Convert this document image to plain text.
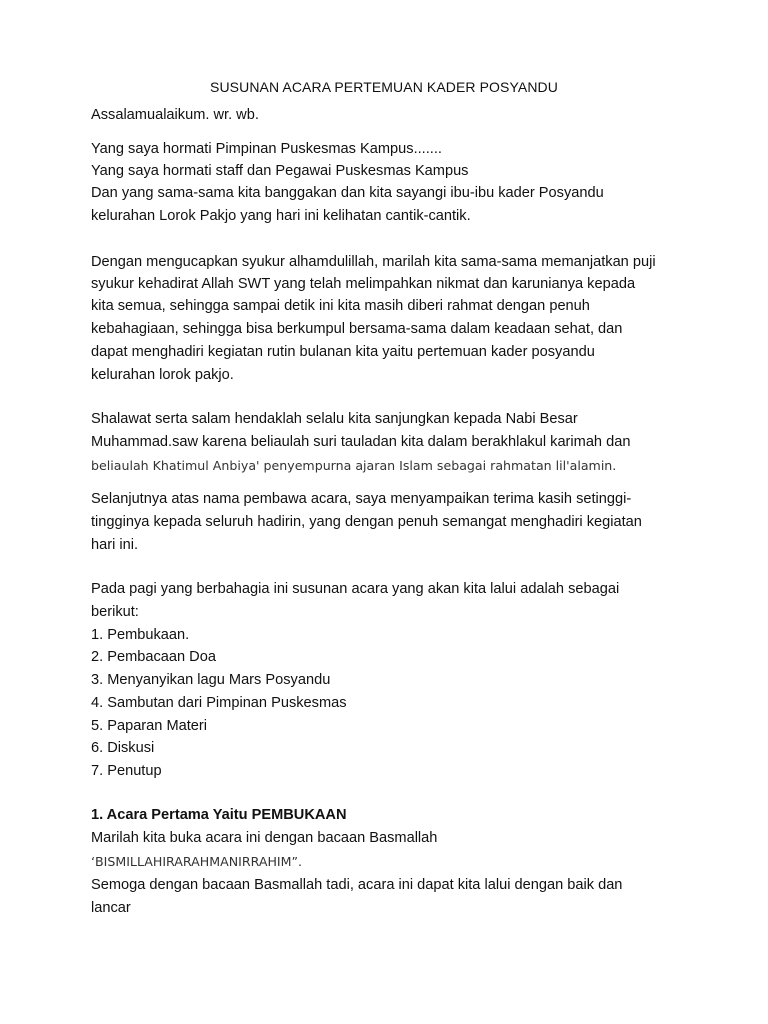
SUSUNAN ACARA PERTEMUAN KADER POSYANDU
Assalamualaikum. wr. wb.
Yang saya hormati Pimpinan Puskesmas Kampus.......
Yang saya hormati staff dan Pegawai Puskesmas Kampus
Dan yang sama-sama kita banggakan dan kita sayangi ibu-ibu kader Posyandu
kelurahan Lorok Pakjo yang hari ini kelihatan cantik-cantik.
Dengan mengucapkan syukur alhamdulillah, marilah kita sama-sama memanjatkan puji
syukur kehadirat Allah SWT yang telah melimpahkan nikmat dan karunianya kepada
kita semua, sehingga sampai detik ini kita masih diberi rahmat dengan penuh
kebahagiaan, sehingga bisa berkumpul bersama-sama dalam keadaan sehat, dan
dapat menghadiri kegiatan rutin bulanan kita yaitu pertemuan kader posyandu
kelurahan lorok pakjo.
Shalawat serta salam hendaklah selalu kita sanjungkan kepada Nabi Besar
Muhammad.saw karena beliaulah suri tauladan kita dalam berakhlakul karimah dan
beliaulah Khatimul Anbiya' penyempurna ajaran Islam sebagai rahmatan lil'alamin.
Selanjutnya atas nama pembawa acara, saya menyampaikan terima kasih setinggi-
tingginya kepada seluruh hadirin, yang dengan penuh semangat menghadiri kegiatan
hari ini.
Pada pagi yang berbahagia ini susunan acara yang akan kita lalui adalah sebagai
berikut:
1. Pembukaan.
2. Pembacaan Doa
3. Menyanyikan lagu Mars Posyandu
4. Sambutan dari Pimpinan Puskesmas
5. Paparan Materi
6. Diskusi
7. Penutup
1. Acara Pertama Yaitu PEMBUKAAN
Marilah kita buka acara ini dengan bacaan Basmallah
‘BISMILLAHIRARAHMANIRRAHIM”.
Semoga dengan bacaan Basmallah tadi, acara ini dapat kita lalui dengan baik dan
lancar
